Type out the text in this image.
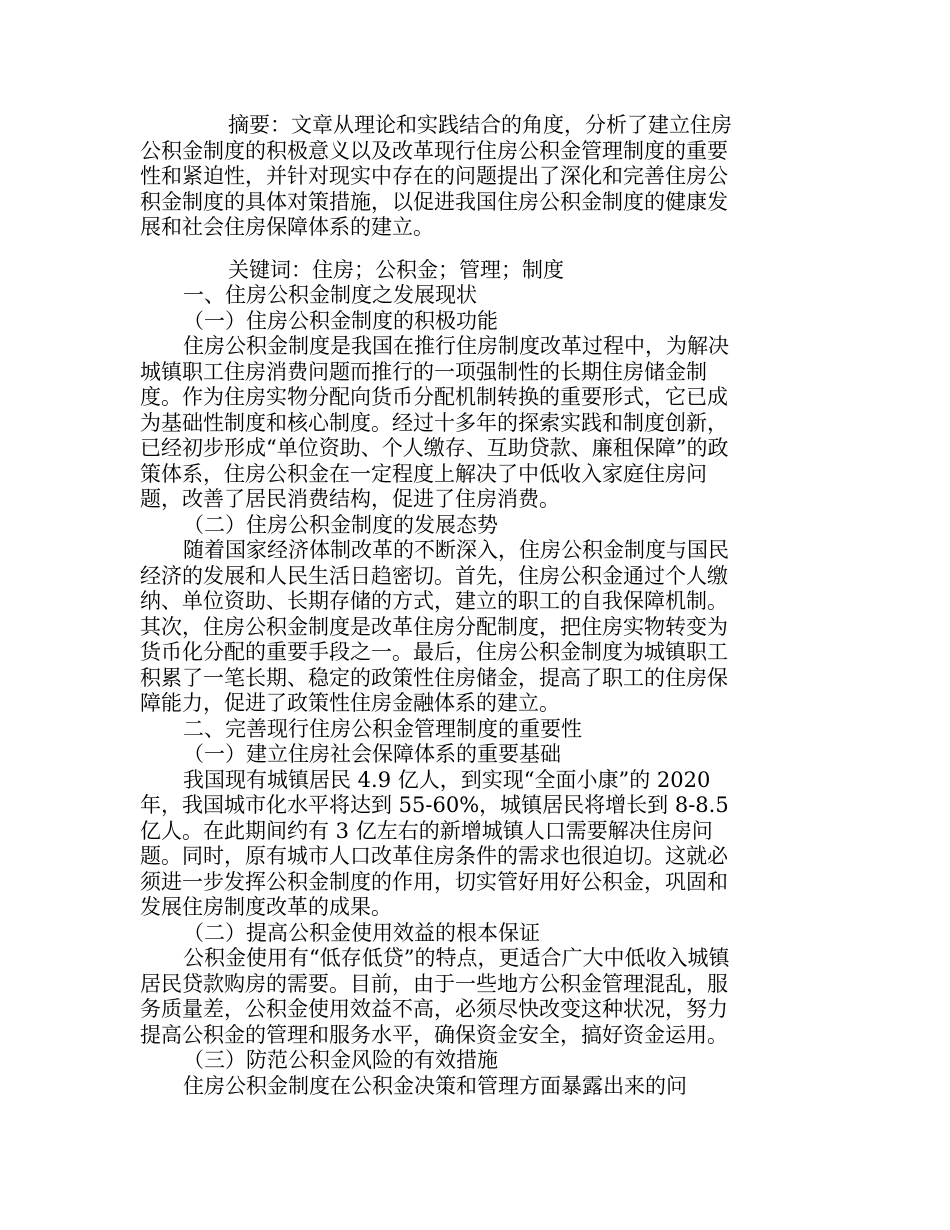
摘要：文章从理论和实践结合的角度，分析了建立住房公积金制度的积极意义以及改革现行住房公积金管理制度的重要性和紧迫性，并针对现实中存在的问题提出了深化和完善住房公积金制度的具体对策措施，以促进我国住房公积金制度的健康发展和社会住房保障体系的建立。

关键词：住房；公积金；管理；制度

一、住房公积金制度之发展现状

（一）住房公积金制度的积极功能

住房公积金制度是我国在推行住房制度改革过程中，为解决城镇职工住房消费问题而推行的一项强制性的长期住房储金制度。作为住房实物分配向货币分配机制转换的重要形式，它已成为基础性制度和核心制度。经过十多年的探索实践和制度创新，已经初步形成“单位资助、个人缴存、互助贷款、廉租保障”的政策体系，住房公积金在一定程度上解决了中低收入家庭住房问题，改善了居民消费结构，促进了住房消费。

（二）住房公积金制度的发展态势

随着国家经济体制改革的不断深入，住房公积金制度与国民经济的发展和人民生活日趋密切。首先，住房公积金通过个人缴纳、单位资助、长期存储的方式，建立的职工的自我保障机制。其次，住房公积金制度是改革住房分配制度，把住房实物转变为货币化分配的重要手段之一。最后，住房公积金制度为城镇职工积累了一笔长期、稳定的政策性住房储金，提高了职工的住房保障能力，促进了政策性住房金融体系的建立。

二、完善现行住房公积金管理制度的重要性

（一）建立住房社会保障体系的重要基础

我国现有城镇居民 4.9 亿人，到实现“全面小康”的 2020 年，我国城市化水平将达到 55-60%，城镇居民将增长到 8-8.5 亿人。在此期间约有 3 亿左右的新增城镇人口需要解决住房问题。同时，原有城市人口改革住房条件的需求也很迫切。这就必须进一步发挥公积金制度的作用，切实管好用好公积金，巩固和发展住房制度改革的成果。

（二）提高公积金使用效益的根本保证

公积金使用有“低存低贷”的特点，更适合广大中低收入城镇居民贷款购房的需要。目前，由于一些地方公积金管理混乱，服务质量差，公积金使用效益不高，必须尽快改变这种状况，努力提高公积金的管理和服务水平，确保资金安全，搞好资金运用。

（三）防范公积金风险的有效措施

住房公积金制度在公积金决策和管理方面暴露出来的问
